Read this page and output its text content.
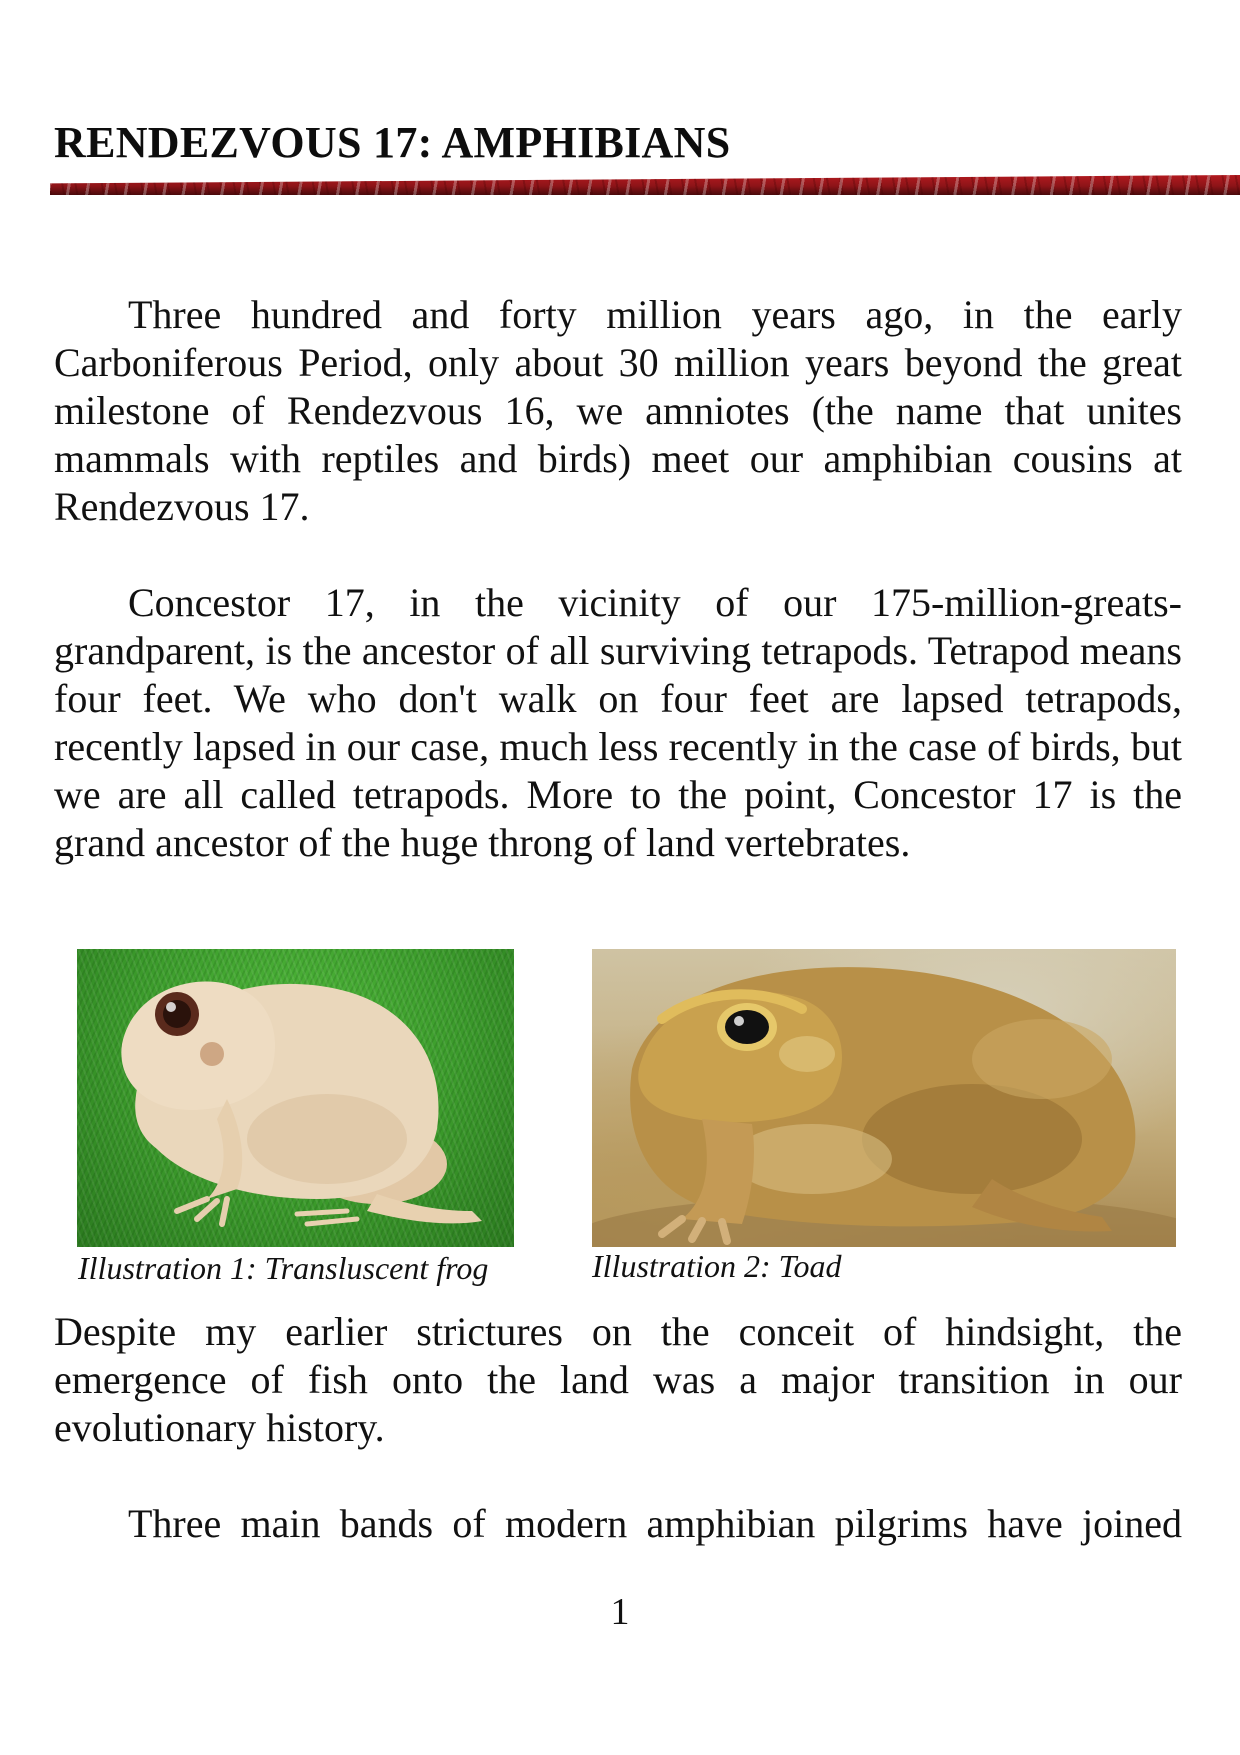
RENDEZVOUS 17: AMPHIBIANS

Three hundred and forty million years ago, in the early Carboniferous Period, only about 30 million years beyond the great milestone of Rendezvous 16, we amniotes (the name that unites mammals with reptiles and birds) meet our amphibian cousins at Rendezvous 17.

Concestor 17, in the vicinity of our 175-million-greats-grandparent, is the ancestor of all surviving tetrapods. Tetrapod means four feet. We who don't walk on four feet are lapsed tetrapods, recently lapsed in our case, much less recently in the case of birds, but we are all called tetrapods. More to the point, Concestor 17 is the grand ancestor of the huge throng of land vertebrates.

Illustration 1: Transluscent frog	Illustration 2: Toad

Despite my earlier strictures on the conceit of hindsight, the emergence of fish onto the land was a major transition in our evolutionary history.

Three main bands of modern amphibian pilgrims have joined

1
